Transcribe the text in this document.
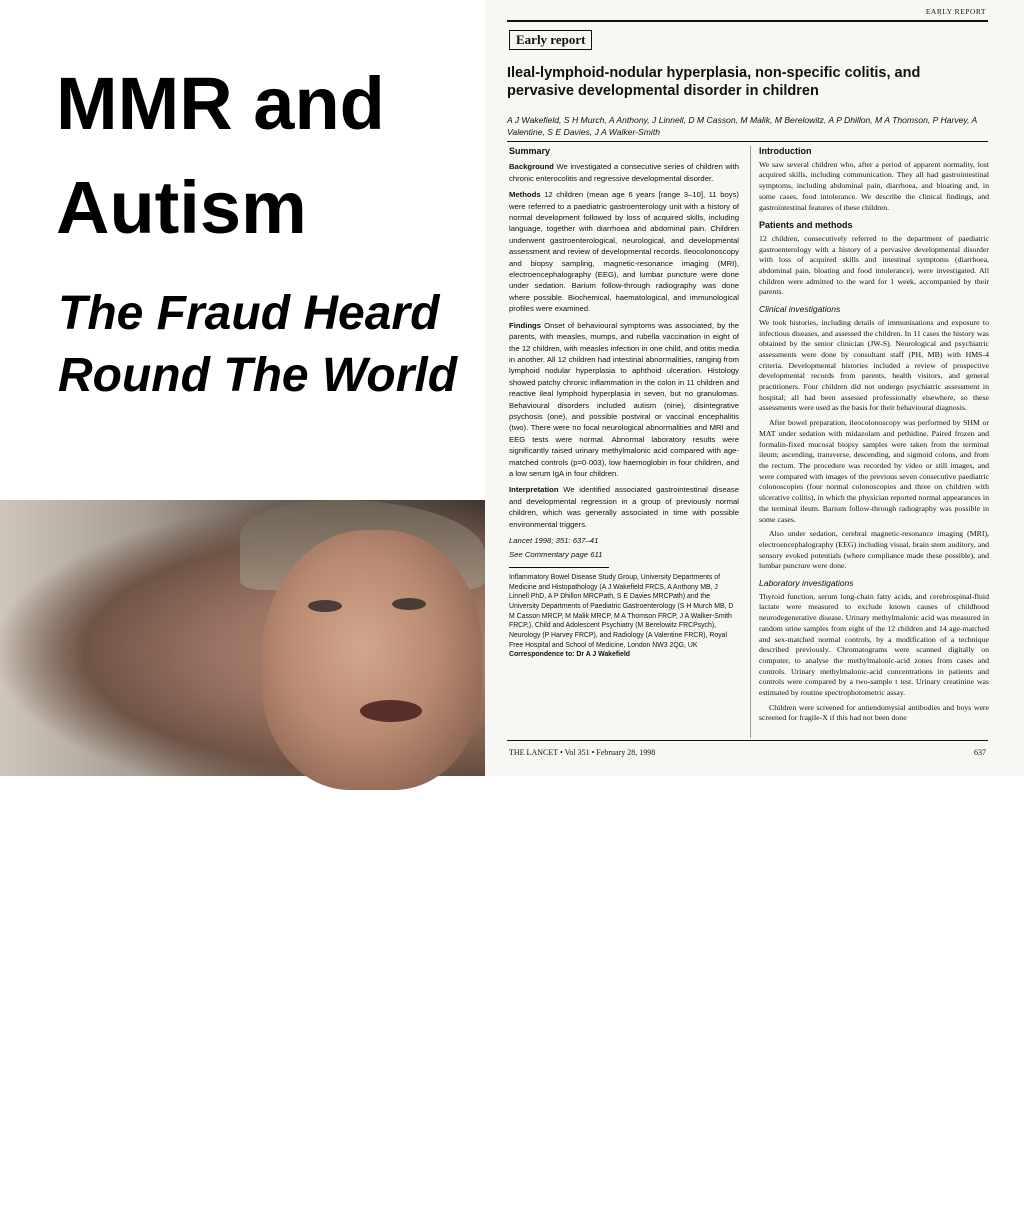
MMR and Autism
The Fraud Heard Round The World
Dr. Andrew Wakefield
EARLY REPORT
Early report
Ileal-lymphoid-nodular hyperplasia, non-specific colitis, and pervasive developmental disorder in children
A J Wakefield, S H Murch, A Anthony, J Linnell, D M Casson, M Malik, M Berelowitz, A P Dhillon, M A Thomson, P Harvey, A Valentine, S E Davies, J A Walker-Smith
Summary

Background We investigated a consecutive series of children with chronic enterocolitis and regressive developmental disorder.

Methods 12 children (mean age 6 years [range 3–10], 11 boys) were referred to a paediatric gastroenterology unit with a history of normal development followed by loss of acquired skills, including language, together with diarrhoea and abdominal pain. Children underwent gastroenterological, neurological, and developmental assessment and review of developmental records. Ileocolonoscopy and biopsy sampling, magnetic-resonance imaging (MRI), electroencephalography (EEG), and lumbar puncture were done under sedation. Barium follow-through radiography was done where possible. Biochemical, haematological, and immunological profiles were examined.

Findings Onset of behavioural symptoms was associated, by the parents, with measles, mumps, and rubella vaccination in eight of the 12 children, with measles infection in one child, and otitis media in another. All 12 children had intestinal abnormalities, ranging from lymphoid nodular hyperplasia to aphthoid ulceration. Histology showed patchy chronic inflammation in the colon in 11 children and reactive ileal lymphoid hyperplasia in seven, but no granulomas. Behavioural disorders included autism (nine), disintegrative psychosis (one), and possible postviral or vaccinal encephalitis (two). There were no focal neurological abnormalities and MRI and EEG tests were normal. Abnormal laboratory results were significantly raised urinary methylmalonic acid compared with age-matched controls (p=0·003), low haemoglobin in four children, and a low serum IgA in four children.

Interpretation We identified associated gastrointestinal disease and developmental regression in a group of previously normal children, which was generally associated in time with possible environmental triggers.

Lancet 1998; 351: 637–41
See Commentary page 611

Inflammatory Bowel Disease Study Group, University Departments of Medicine and Histopathology (A J Wakefield FRCS, A Anthony MB, J Linnell PhD, A P Dhillon MRCPath, S E Davies MRCPath) and the University Departments of Paediatric Gastroenterology (S H Murch MB, D M Casson MRCP, M Malik MRCP, M A Thomson FRCP, J A Walker-Smith FRCP,), Child and Adolescent Psychiatry (M Berelowitz FRCPsych), Neurology (P Harvey FRCP), and Radiology (A Valentine FRCR), Royal Free Hospital and School of Medicine, London NW3 2QG, UK

Correspondence to: Dr A J Wakefield

Introduction

We saw several children who, after a period of apparent normality, lost acquired skills, including communication. They all had gastrointestinal symptoms, including abdominal pain, diarrhoea, and bloating and, in some cases, food intolerance. We describe the clinical findings, and gastrointestinal features of these children.

Patients and methods

12 children, consecutively referred to the department of paediatric gastroenterology with a history of a pervasive developmental disorder with loss of acquired skills and intestinal symptoms (diarrhoea, abdominal pain, bloating and food intolerance), were investigated. All children were admitted to the ward for 1 week, accompanied by their parents.

Clinical investigations

We took histories, including details of immunisations and exposure to infectious diseases, and assessed the children. In 11 cases the history was obtained by the senior clinician (JW-S). Neurological and psychiatric assessments were done by consultant staff (PH, MB) with HMS-4 criteria. Developmental histories included a review of prospective developmental records from parents, health visitors, and general practitioners. Four children did not undergo psychiatric assessment in hospital; all had been assessed professionally elsewhere, so these assessments were used as the basis for their behavioural diagnosis.

After bowel preparation, ileocolonoscopy was performed by SHM or MAT under sedation with midazolam and pethidine. Paired frozen and formalin-fixed mucosal biopsy samples were taken from the terminal ileum; ascending, transverse, descending, and sigmoid colons, and from the rectum. The procedure was recorded by video or still images, and were compared with images of the previous seven consecutive paediatric colonoscopies (four normal colonoscopies and three on children with ulcerative colitis), in which the physician reported normal appearances in the terminal ileum. Barium follow-through radiography was possible in some cases.

Also under sedation, cerebral magnetic-resonance imaging (MRI), electroencephalography (EEG) including visual, brain stem auditory, and sensory evoked potentials (where compliance made these possible), and lumbar puncture were done.

Laboratory investigations

Thyroid function, serum long-chain fatty acids, and cerebrospinal-fluid lactate were measured to exclude known causes of childhood neurodegenerative disease. Urinary methylmalonic acid was measured in random urine samples from eight of the 12 children and 14 age-matched and sex-matched normal controls, by a modification of a technique described previously. Chromatograms were scanned digitally on computer, to analyse the methylmalonic-acid zones from cases and controls. Urinary methylmalonic-acid concentrations in patients and controls were compared by a two-sample t test. Urinary creatinine was estimated by routine spectrophotometric assay.

Children were screened for antiendomysial antibodies and boys were screened for fragile-X if this had not been done

THE LANCET • Vol 351 • February 28, 1998	637
